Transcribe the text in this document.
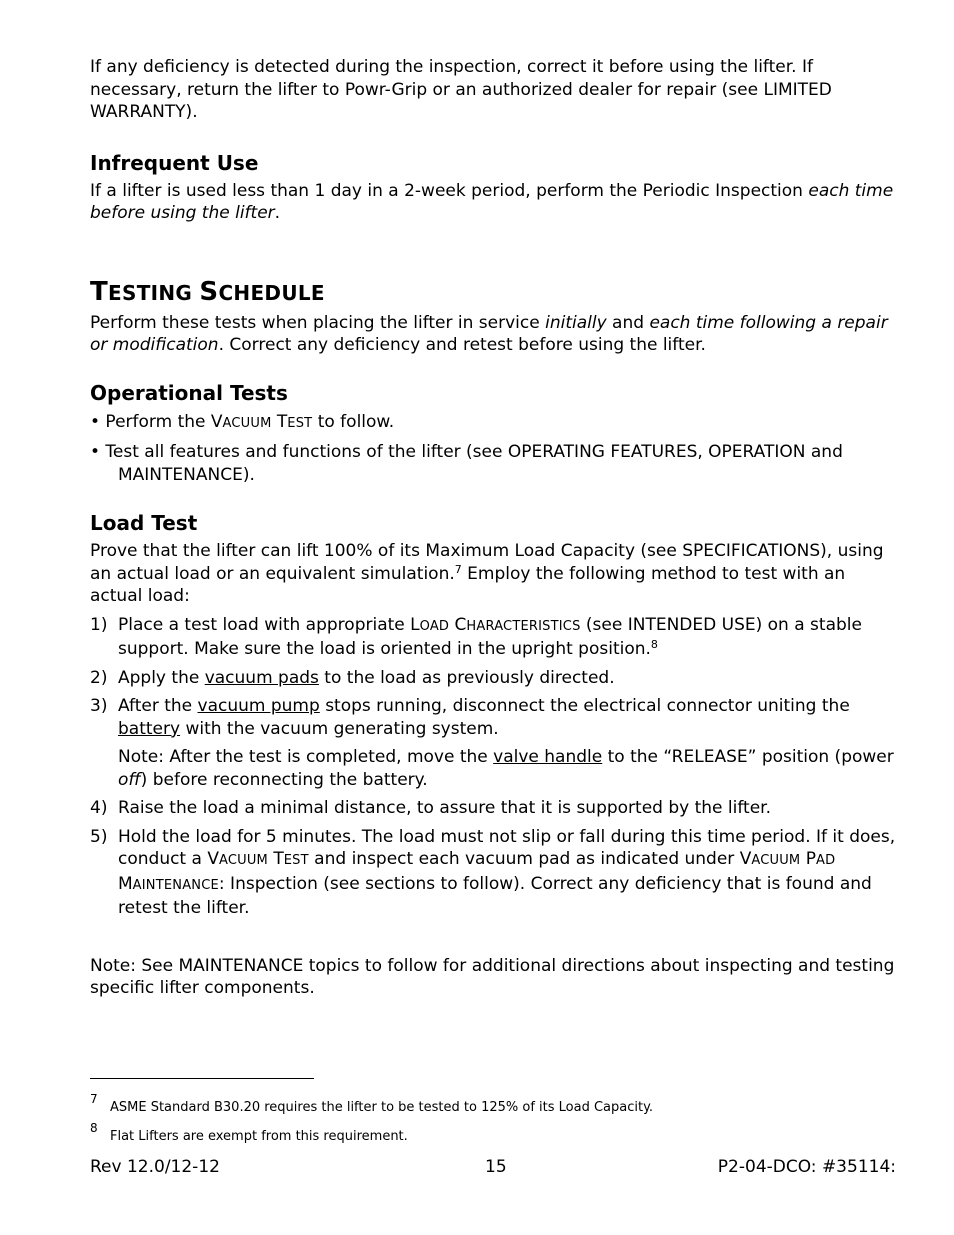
If any deficiency is detected during the inspection, correct it before using the lifter. If necessary, return the lifter to Powr-Grip or an authorized dealer for repair (see LIMITED WARRANTY).

Infrequent Use

If a lifter is used less than 1 day in a 2-week period, perform the Periodic Inspection each time before using the lifter.

TESTING SCHEDULE

Perform these tests when placing the lifter in service initially and each time following a repair or modification. Correct any deficiency and retest before using the lifter.

Operational Tests

• Perform the VACUUM TEST to follow.

• Test all features and functions of the lifter (see OPERATING FEATURES, OPERATION and MAINTENANCE).

Load Test

Prove that the lifter can lift 100% of its Maximum Load Capacity (see SPECIFICATIONS), using an actual load or an equivalent simulation.$^7$ Employ the following method to test with an actual load:

1) Place a test load with appropriate LOAD CHARACTERISTICS (see INTENDED USE) on a stable support. Make sure the load is oriented in the upright position.$^8$
2) Apply the vacuum pads to the load as previously directed.
3) After the vacuum pump stops running, disconnect the electrical connector uniting the battery with the vacuum generating system.

Note: After the test is completed, move the valve handle to the “RELEASE” position (power off) before reconnecting the battery.

4) Raise the load a minimal distance, to assure that it is supported by the lifter.
5) Hold the load for 5 minutes. The load must not slip or fall during this time period. If it does, conduct a VACUUM TEST and inspect each vacuum pad as indicated under VACUUM PAD MAINTENANCE: Inspection (see sections to follow). Correct any deficiency that is found and retest the lifter.

Note: See MAINTENANCE topics to follow for additional directions about inspecting and testing specific lifter components.

7
ASME Standard B30.20 requires the lifter to be tested to 125% of its Load Capacity.
8
Flat Lifters are exempt from this requirement.
Rev 12.0/12-12	15	P2-04-DCO: #35114:
